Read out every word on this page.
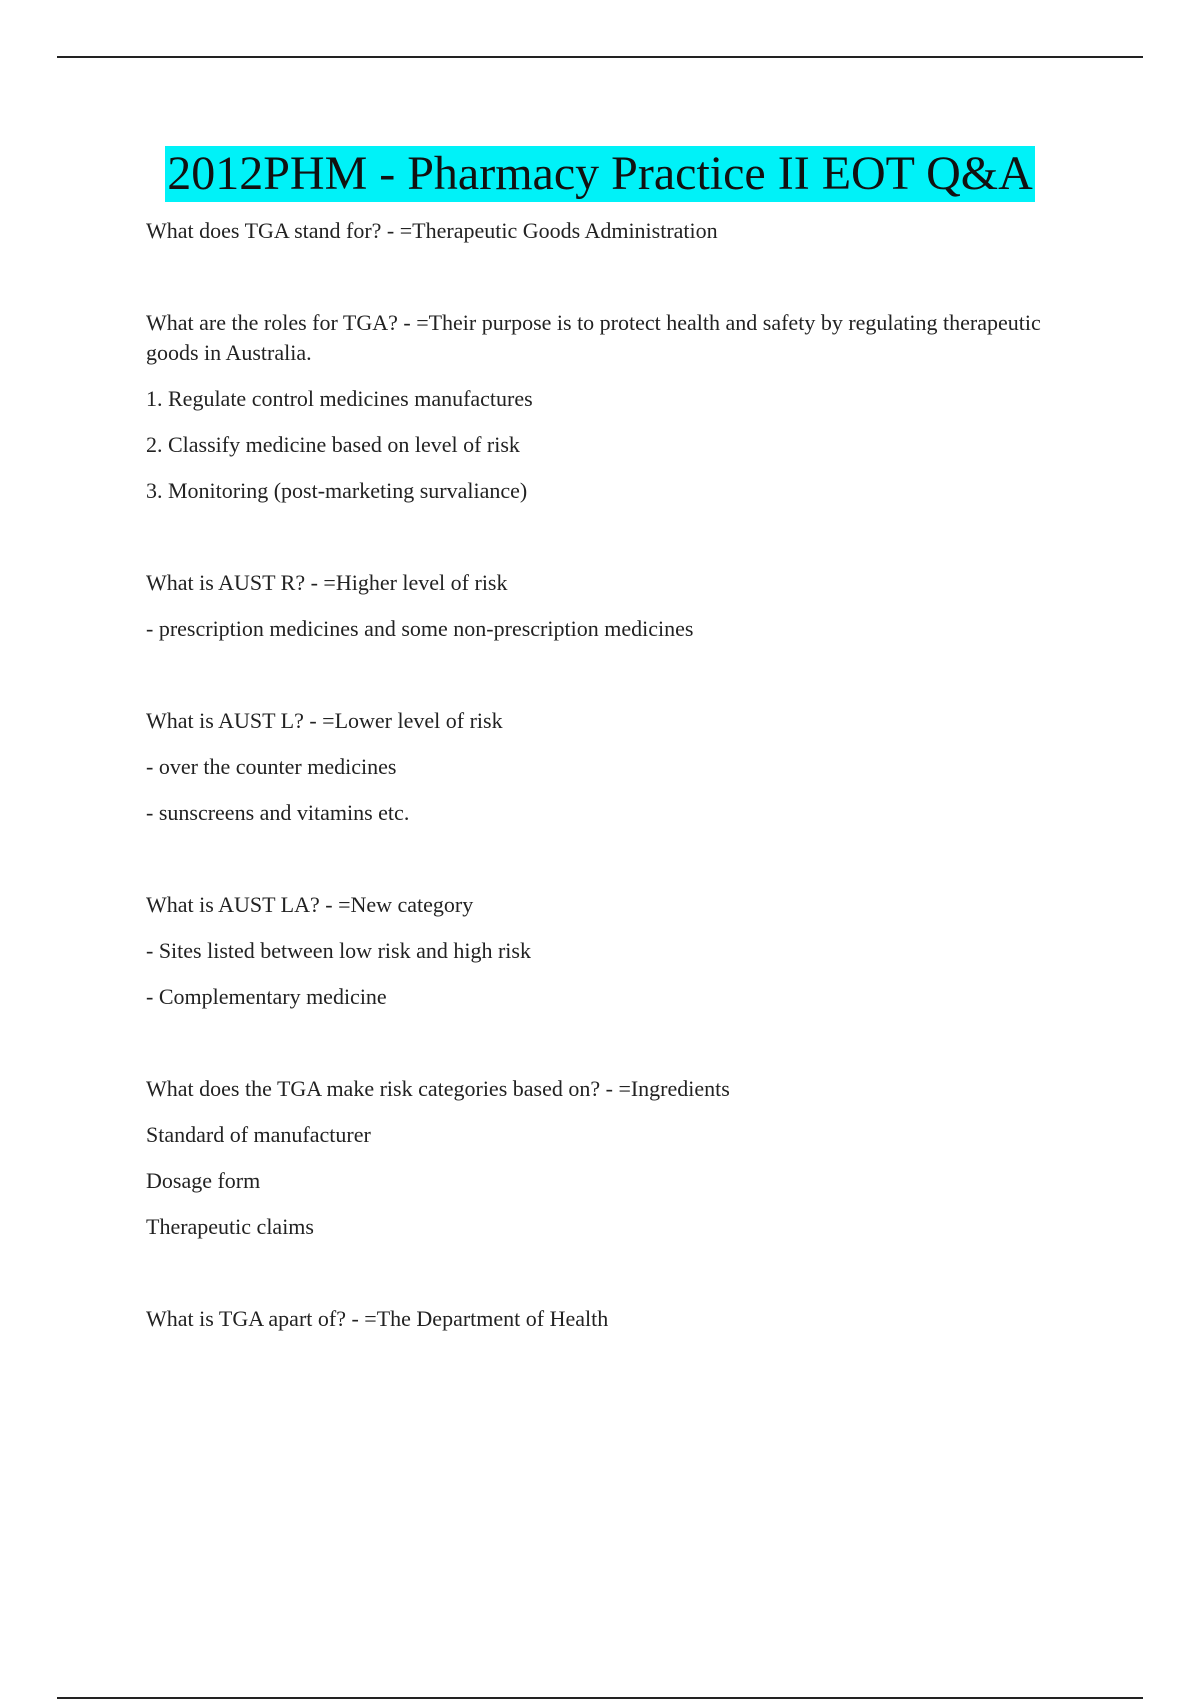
2012PHM - Pharmacy Practice II EOT Q&A
What does TGA stand for? - =Therapeutic Goods Administration
What are the roles for TGA? - =Their purpose is to protect health and safety by regulating therapeutic goods in Australia.
1. Regulate control medicines manufactures
2. Classify medicine based on level of risk
3. Monitoring (post-marketing survaliance)
What is AUST R? - =Higher level of risk
- prescription medicines and some non-prescription medicines
What is AUST L? - =Lower level of risk
- over the counter medicines
- sunscreens and vitamins etc.
What is AUST LA? - =New category
- Sites listed between low risk and high risk
- Complementary medicine
What does the TGA make risk categories based on? - =Ingredients
Standard of manufacturer
Dosage form
Therapeutic claims
What is TGA apart of? - =The Department of Health
